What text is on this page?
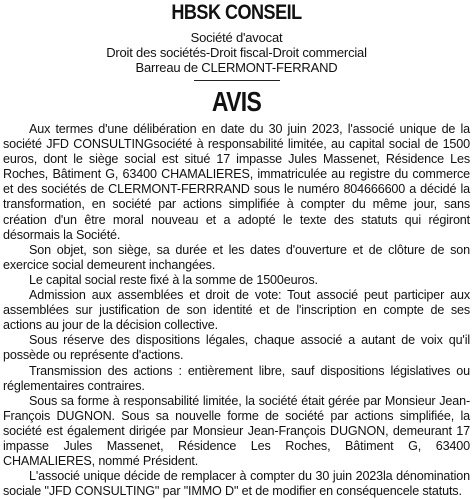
HBSK CONSEIL

Société d'avocat

Droit des sociétés-Droit fiscal-Droit commercial

Barreau de CLERMONT-FERRAND

AVIS

Aux termes d'une délibération en date du 30 juin 2023, l'associé unique de la société JFD CONSULTINGsociété à responsabilité limitée, au capital social de 1500 euros, dont le siège social est situé 17 impasse Jules Massenet, Résidence Les Roches, Bâtiment G, 63400 CHAMALIERES, immatriculée au registre du commerce et des sociétés de CLERMONT-FERRRAND sous le numéro 804666600 a décidé la transformation, en société par actions simplifiée à compter du même jour, sans création d'un être moral nouveau et a adopté le texte des statuts qui régiront désormais la Société.

Son objet, son siège, sa durée et les dates d'ouverture et de clôture de son exercice social demeurent inchangées.

Le capital social reste fixé à la somme de 1500euros.

Admission aux assemblées et droit de vote: Tout associé peut participer aux assemblées sur justification de son identité et de l'inscription en compte de ses actions au jour de la décision collective.

Sous réserve des dispositions légales, chaque associé a autant de voix qu'il possède ou représente d'actions.

Transmission des actions : entièrement libre, sauf dispositions législatives ou réglementaires contraires.

Sous sa forme à responsabilité limitée, la société était gérée par Monsieur Jean-François DUGNON. Sous sa nouvelle forme de société par actions simplifiée, la société est également dirigée par Monsieur Jean-François DUGNON, demeurant 17 impasse Jules Massenet, Résidence Les Roches, Bâtiment G, 63400 CHAMALIERES, nommé Président.

L'associé unique décide de remplacer à compter du 30 juin 2023la dénomination sociale "JFD CONSULTING" par "IMMO D" et de modifier en conséquencele statuts.
